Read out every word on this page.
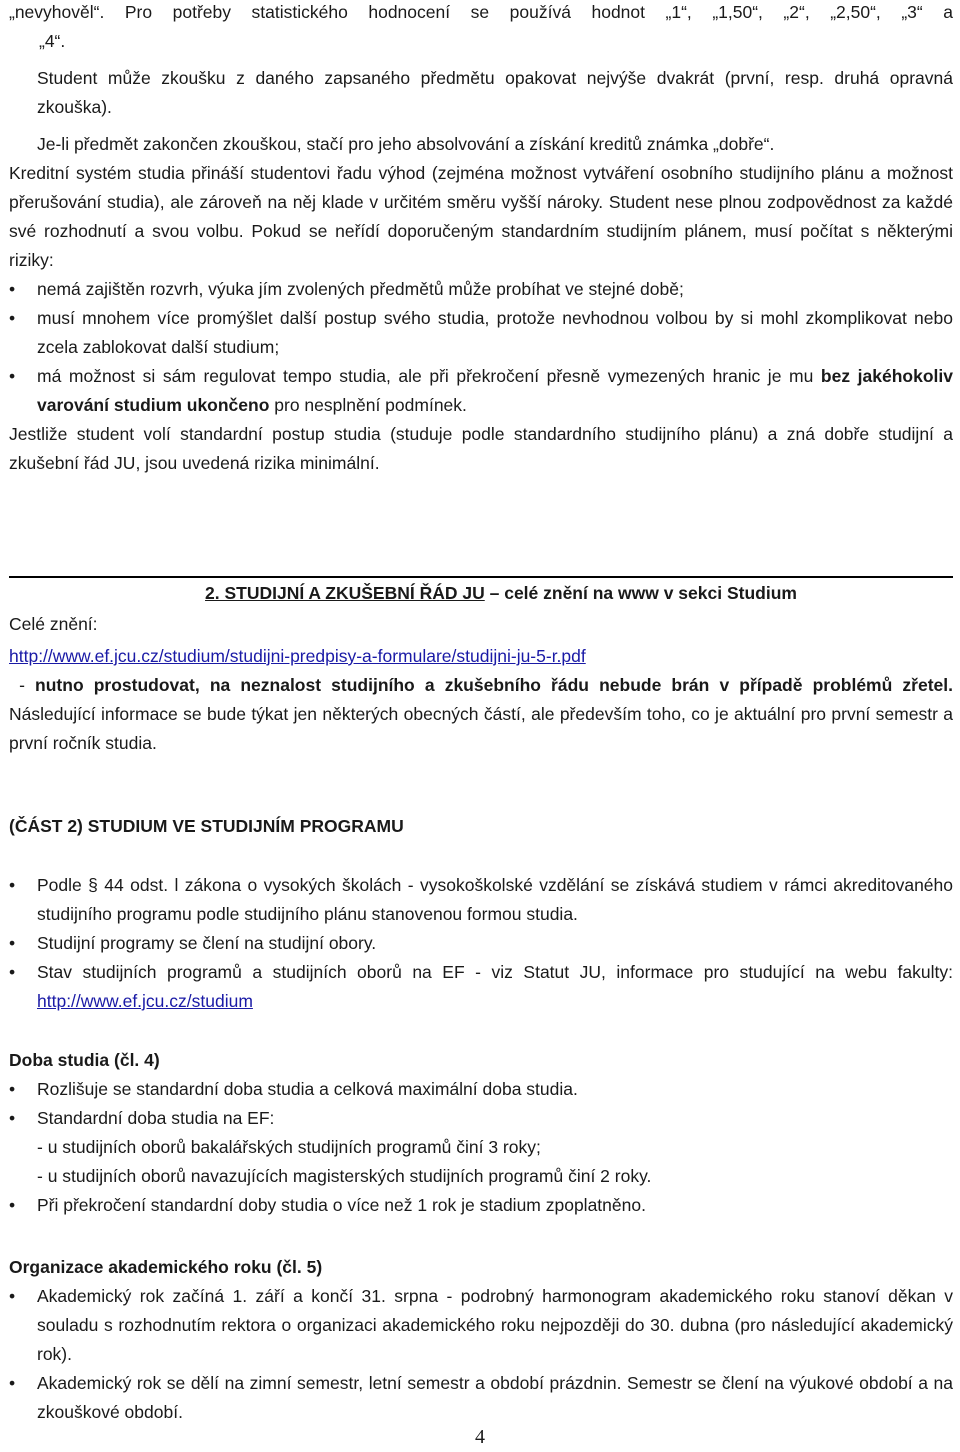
„nevyhověl“. Pro potřeby statistického hodnocení se používá hodnot „1“, „1,50“, „2“, „2,50“, „3“ a

„4“.

Student může zkoušku z daného zapsaného předmětu opakovat nejvýše dvakrát (první, resp. druhá opravná zkouška).

Je-li předmět zakončen zkouškou, stačí pro jeho absolvování a získání kreditů známka „dobře“.

Kreditní systém studia přináší studentovi řadu výhod (zejména možnost vytváření osobního studijního plánu a možnost přerušování studia), ale zároveň na něj klade v určitém směru vyšší nároky. Student nese plnou zodpovědnost za každé své rozhodnutí a svou volbu. Pokud se neřídí doporučeným standardním studijním plánem, musí počítat s některými riziky:

• nemá zajištěn rozvrh, výuka jím zvolených předmětů může probíhat ve stejné době;
• musí mnohem více promýšlet další postup svého studia, protože nevhodnou volbou by si mohl zkomplikovat nebo zcela zablokovat další studium;
• má možnost si sám regulovat tempo studia, ale při překročení přesně vymezených hranic je mu bez jakéhokoliv varování studium ukončeno pro nesplnění podmínek.

Jestliže student volí standardní postup studia (studuje podle standardního studijního plánu) a zná dobře studijní a zkušební řád JU, jsou uvedená rizika minimální.

2. STUDIJNÍ A ZKUŠEBNÍ ŘÁD JU – celé znění na www v sekci Studium

Celé znění:

http://www.ef.jcu.cz/studium/studijni-predpisy-a-formulare/studijni-ju-5-r.pdf

- nutno prostudovat, na neznalost studijního a zkušebního řádu nebude brán v případě problémů zřetel. Následující informace se bude týkat jen některých obecných částí, ale především toho, co je aktuální pro první semestr a první ročník studia.

(ČÁST 2) STUDIUM VE STUDIJNÍM PROGRAMU

• Podle § 44 odst. l zákona o vysokých školách - vysokoškolské vzdělání se získává studiem v rámci akreditovaného studijního programu podle studijního plánu stanovenou formou studia.
• Studijní programy se člení na studijní obory.
• Stav studijních programů a studijních oborů na EF - viz Statut JU, informace pro studující na webu fakulty: http://www.ef.jcu.cz/studium

Doba studia (čl. 4)

• Rozlišuje se standardní doba studia a celková maximální doba studia.
• Standardní doba studia na EF:
- u studijních oborů bakalářských studijních programů činí 3 roky;
- u studijních oborů navazujících magisterských studijních programů činí 2 roky.
• Při překročení standardní doby studia o více než 1 rok je stadium zpoplatněno.

Organizace akademického roku (čl. 5)

• Akademický rok začíná 1. září a končí 31. srpna - podrobný harmonogram akademického roku stanoví děkan v souladu s rozhodnutím rektora o organizaci akademického roku nejpozději do 30. dubna (pro následující akademický rok).
• Akademický rok se dělí na zimní semestr, letní semestr a období prázdnin. Semestr se člení na výukové období a na zkouškové období.
4
